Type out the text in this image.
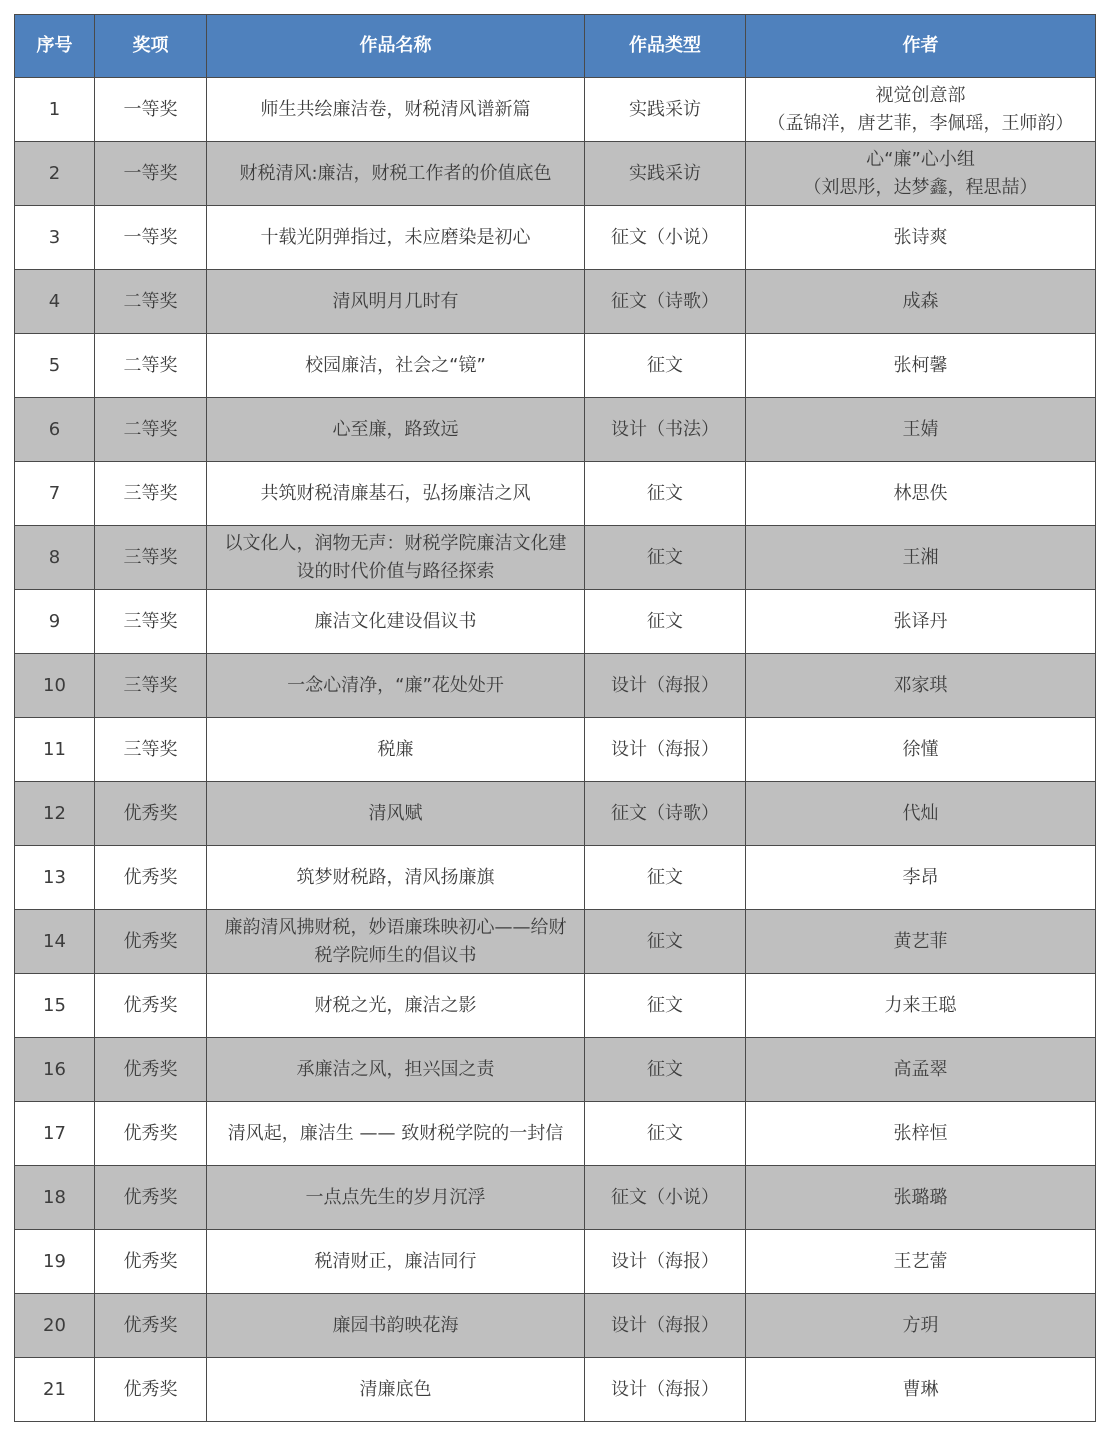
序号	奖项	作品名称	作品类型	作者

1	一等奖	师生共绘廉洁卷，财税清风谱新篇	实践采访	视觉创意部
（孟锦洋，唐艺菲，李佩瑶，王师韵）

2	一等奖	财税清风:廉洁，财税工作者的价值底色	实践采访	心“廉”心小组
（刘思彤，达梦鑫，程思喆）

3	一等奖	十载光阴弹指过，未应磨染是初心	征文（小说）	张诗爽

4	二等奖	清风明月几时有	征文（诗歌）	成森

5	二等奖	校园廉洁，社会之“镜”	征文	张柯馨

6	二等奖	心至廉，路致远	设计（书法）	王婧

7	三等奖	共筑财税清廉基石，弘扬廉洁之风	征文	林思佚

8	三等奖	以文化人，润物无声：财税学院廉洁文化建
设的时代价值与路径探索	征文	王湘

9	三等奖	廉洁文化建设倡议书	征文	张译丹

10	三等奖	一念心清净，“廉”花处处开	设计（海报）	邓家琪

11	三等奖	税廉	设计（海报）	徐懂

12	优秀奖	清风赋	征文（诗歌）	代灿

13	优秀奖	筑梦财税路，清风扬廉旗	征文	李昂

14	优秀奖	廉韵清风拂财税，妙语廉珠映初心——给财
税学院师生的倡议书	征文	黄艺菲

15	优秀奖	财税之光，廉洁之影	征文	力来王聪

16	优秀奖	承廉洁之风，担兴国之责	征文	高孟翠

17	优秀奖	清风起，廉洁生 —— 致财税学院的一封信	征文	张梓恒

18	优秀奖	一点点先生的岁月沉浮	征文（小说）	张璐璐

19	优秀奖	税清财正，廉洁同行	设计（海报）	王艺蕾

20	优秀奖	廉园书韵映花海	设计（海报）	方玥

21	优秀奖	清廉底色	设计（海报）	曹琳
